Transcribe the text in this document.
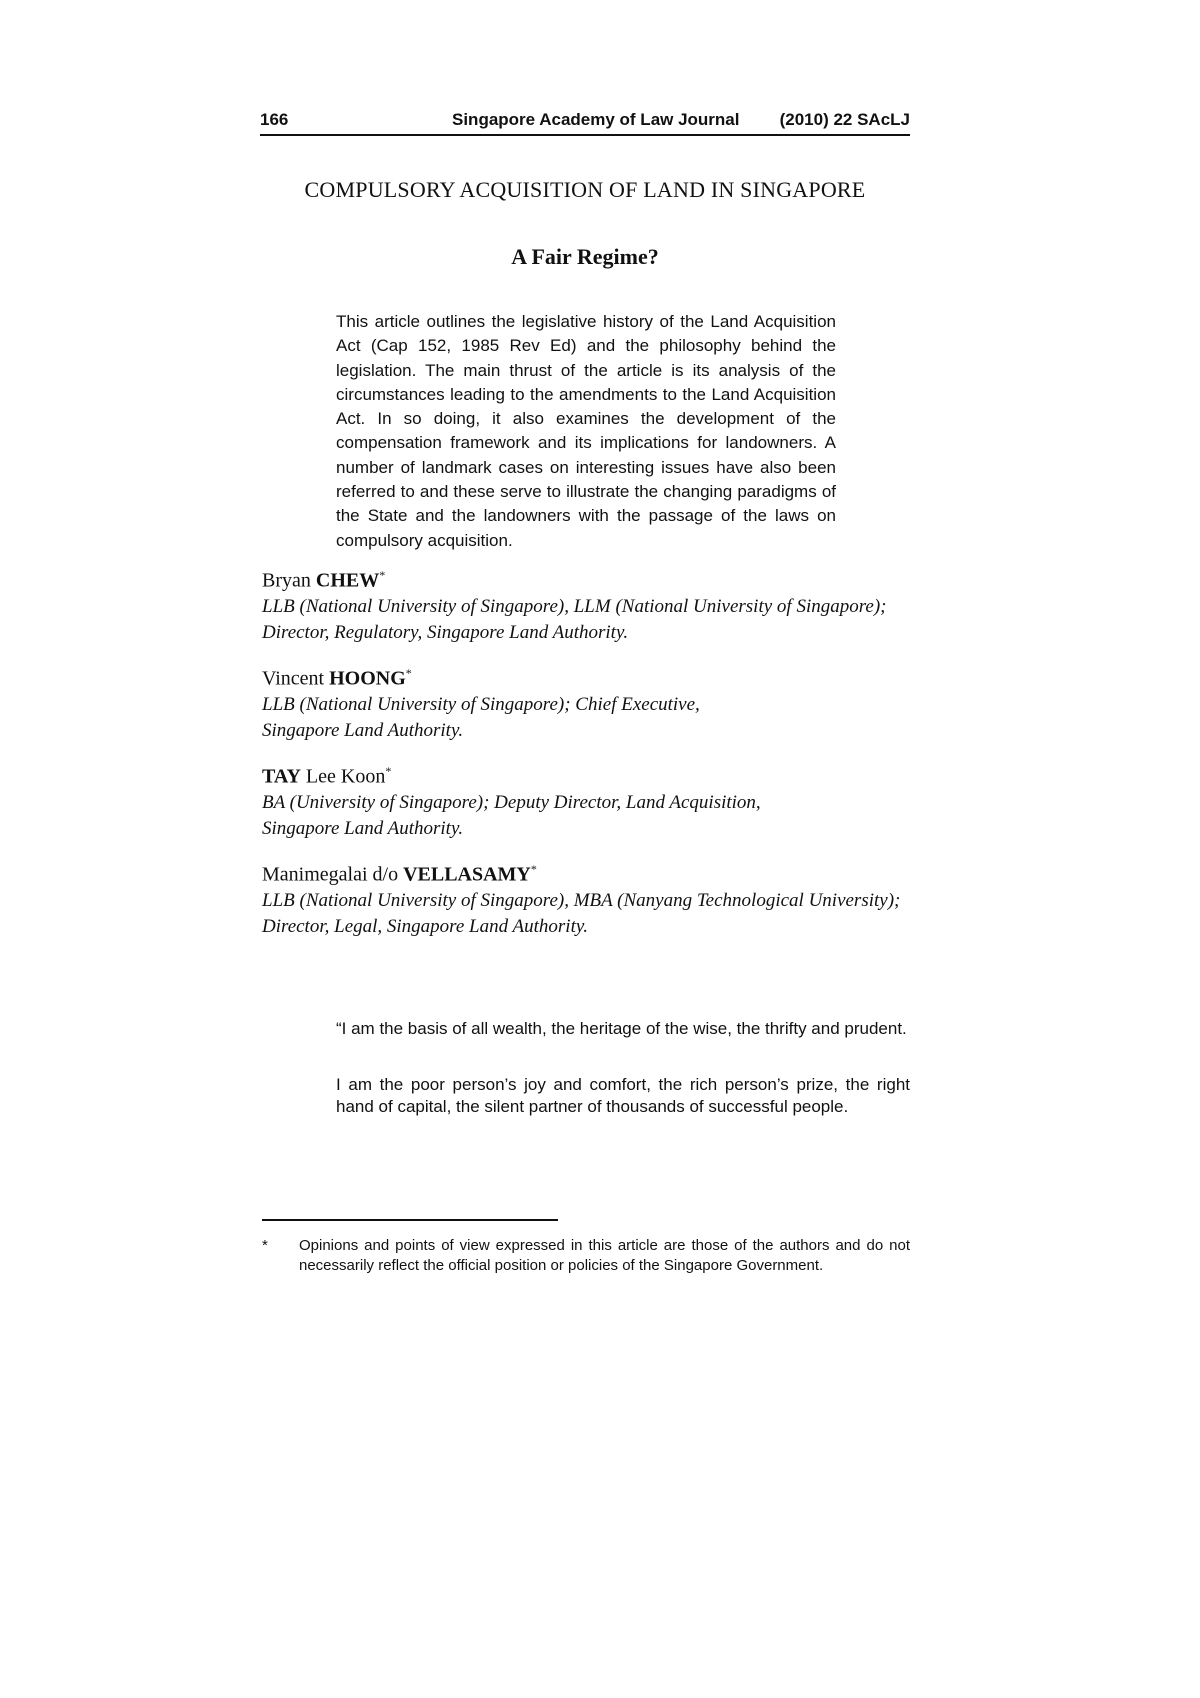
166	Singapore Academy of Law Journal (2010) 22 SAcLJ
COMPULSORY ACQUISITION OF LAND IN SINGAPORE
A Fair Regime?

This article outlines the legislative history of the Land Acquisition Act (Cap 152, 1985 Rev Ed) and the philosophy behind the legislation. The main thrust of the article is its analysis of the circumstances leading to the amendments to the Land Acquisition Act. In so doing, it also examines the development of the compensation framework and its implications for landowners. A number of landmark cases on interesting issues have also been referred to and these serve to illustrate the changing paradigms of the State and the landowners with the passage of the laws on compulsory acquisition.

Bryan CHEW*
LLB (National University of Singapore), LLM (National University of Singapore); Director, Regulatory, Singapore Land Authority.
Vincent HOONG*
LLB (National University of Singapore); Chief Executive,
Singapore Land Authority.
TAY Lee Koon*
BA (University of Singapore); Deputy Director, Land Acquisition,
Singapore Land Authority.
Manimegalai d/o VELLASAMY*
LLB (National University of Singapore), MBA (Nanyang Technological University); Director, Legal, Singapore Land Authority.

“I am the basis of all wealth, the heritage of the wise, the thrifty and prudent.

I am the poor person’s joy and comfort, the rich person’s prize, the right hand of capital, the silent partner of thousands of successful people.

* Opinions and points of view expressed in this article are those of the authors and do not necessarily reflect the official position or policies of the Singapore Government.
